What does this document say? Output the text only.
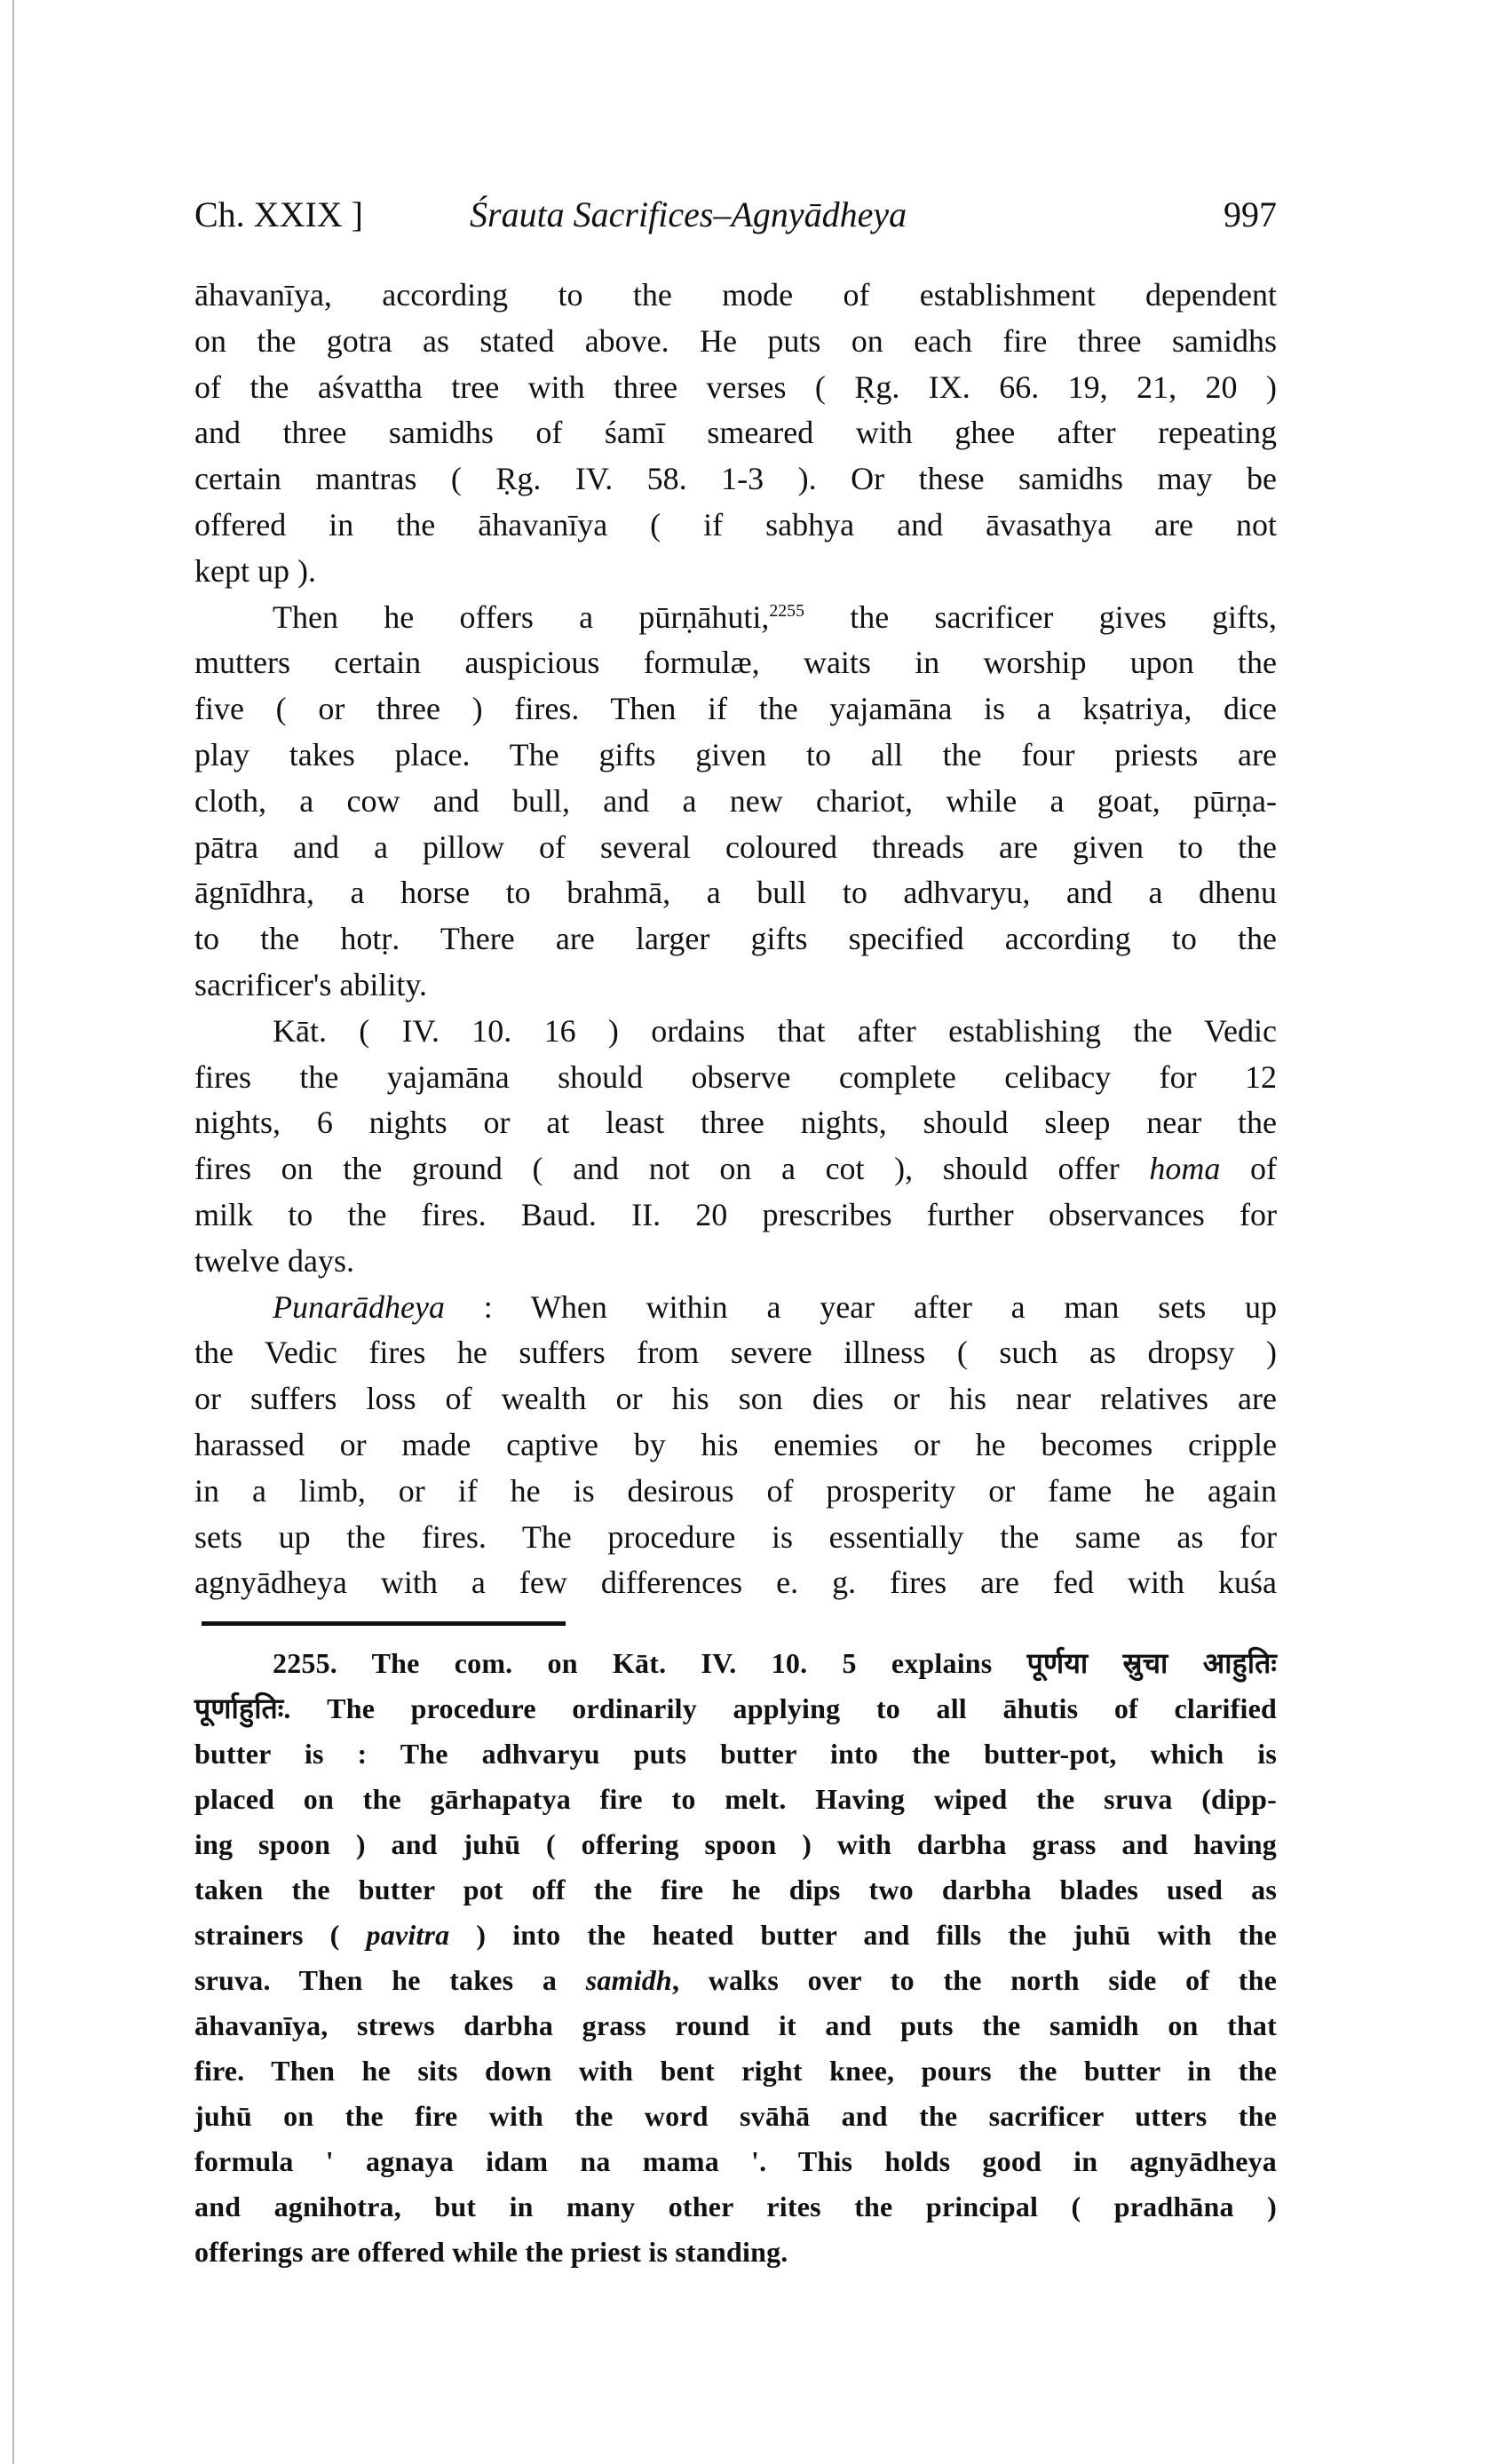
Ch. XXIX ]	Śrauta Sacrifices–Agnyādheya	997
āhavanīya, according to the mode of establishment dependent
on the gotra as stated above. He puts on each fire three samidhs
of the aśvattha tree with three verses ( Ṛg. IX. 66. 19, 21, 20 )
and three samidhs of śamī smeared with ghee after repeating
certain mantras ( Ṛg. IV. 58. 1-3 ). Or these samidhs may be
offered in the āhavanīya ( if sabhya and āvasathya are not
kept up ).
Then he offers a pūrṇāhuti,$^{2255}$ the sacrificer gives gifts,
mutters certain auspicious formulæ, waits in worship upon the
five ( or three ) fires. Then if the yajamāna is a kṣatriya, dice
play takes place. The gifts given to all the four priests are
cloth, a cow and bull, and a new chariot, while a goat, pūrṇa-
pātra and a pillow of several coloured threads are given to the
āgnīdhra, a horse to brahmā, a bull to adhvaryu, and a dhenu
to the hotṛ. There are larger gifts specified according to the
sacrificer's ability.
Kāt. ( IV. 10. 16 ) ordains that after establishing the Vedic
fires the yajamāna should observe complete celibacy for 12
nights, 6 nights or at least three nights, should sleep near the
fires on the ground ( and not on a cot ), should offer homa of
milk to the fires. Baud. II. 20 prescribes further observances for
twelve days.
Punarādheya : When within a year after a man sets up
the Vedic fires he suffers from severe illness ( such as dropsy )
or suffers loss of wealth or his son dies or his near relatives are
harassed or made captive by his enemies or he becomes cripple
in a limb, or if he is desirous of prosperity or fame he again
sets up the fires. The procedure is essentially the same as for
agnyādheya with a few differences e. g. fires are fed with kuśa
2255. The com. on Kāt. IV. 10. 5 explains पूर्णया स्रुचा आहुतिः
पूर्णाहुतिः. The procedure ordinarily applying to all āhutis of clarified
butter is : The adhvaryu puts butter into the butter-pot, which is
placed on the gārhapatya fire to melt. Having wiped the sruva (dipp-
ing spoon ) and juhū ( offering spoon ) with darbha grass and having
taken the butter pot off the fire he dips two darbha blades used as
strainers ( pavitra ) into the heated butter and fills the juhū with the
sruva. Then he takes a samidh, walks over to the north side of the
āhavanīya, strews darbha grass round it and puts the samidh on that
fire. Then he sits down with bent right knee, pours the butter in the
juhū on the fire with the word svāhā and the sacrificer utters the
formula ' agnaya idam na mama '. This holds good in agnyādheya
and agnihotra, but in many other rites the principal ( pradhāna )
offerings are offered while the priest is standing.
